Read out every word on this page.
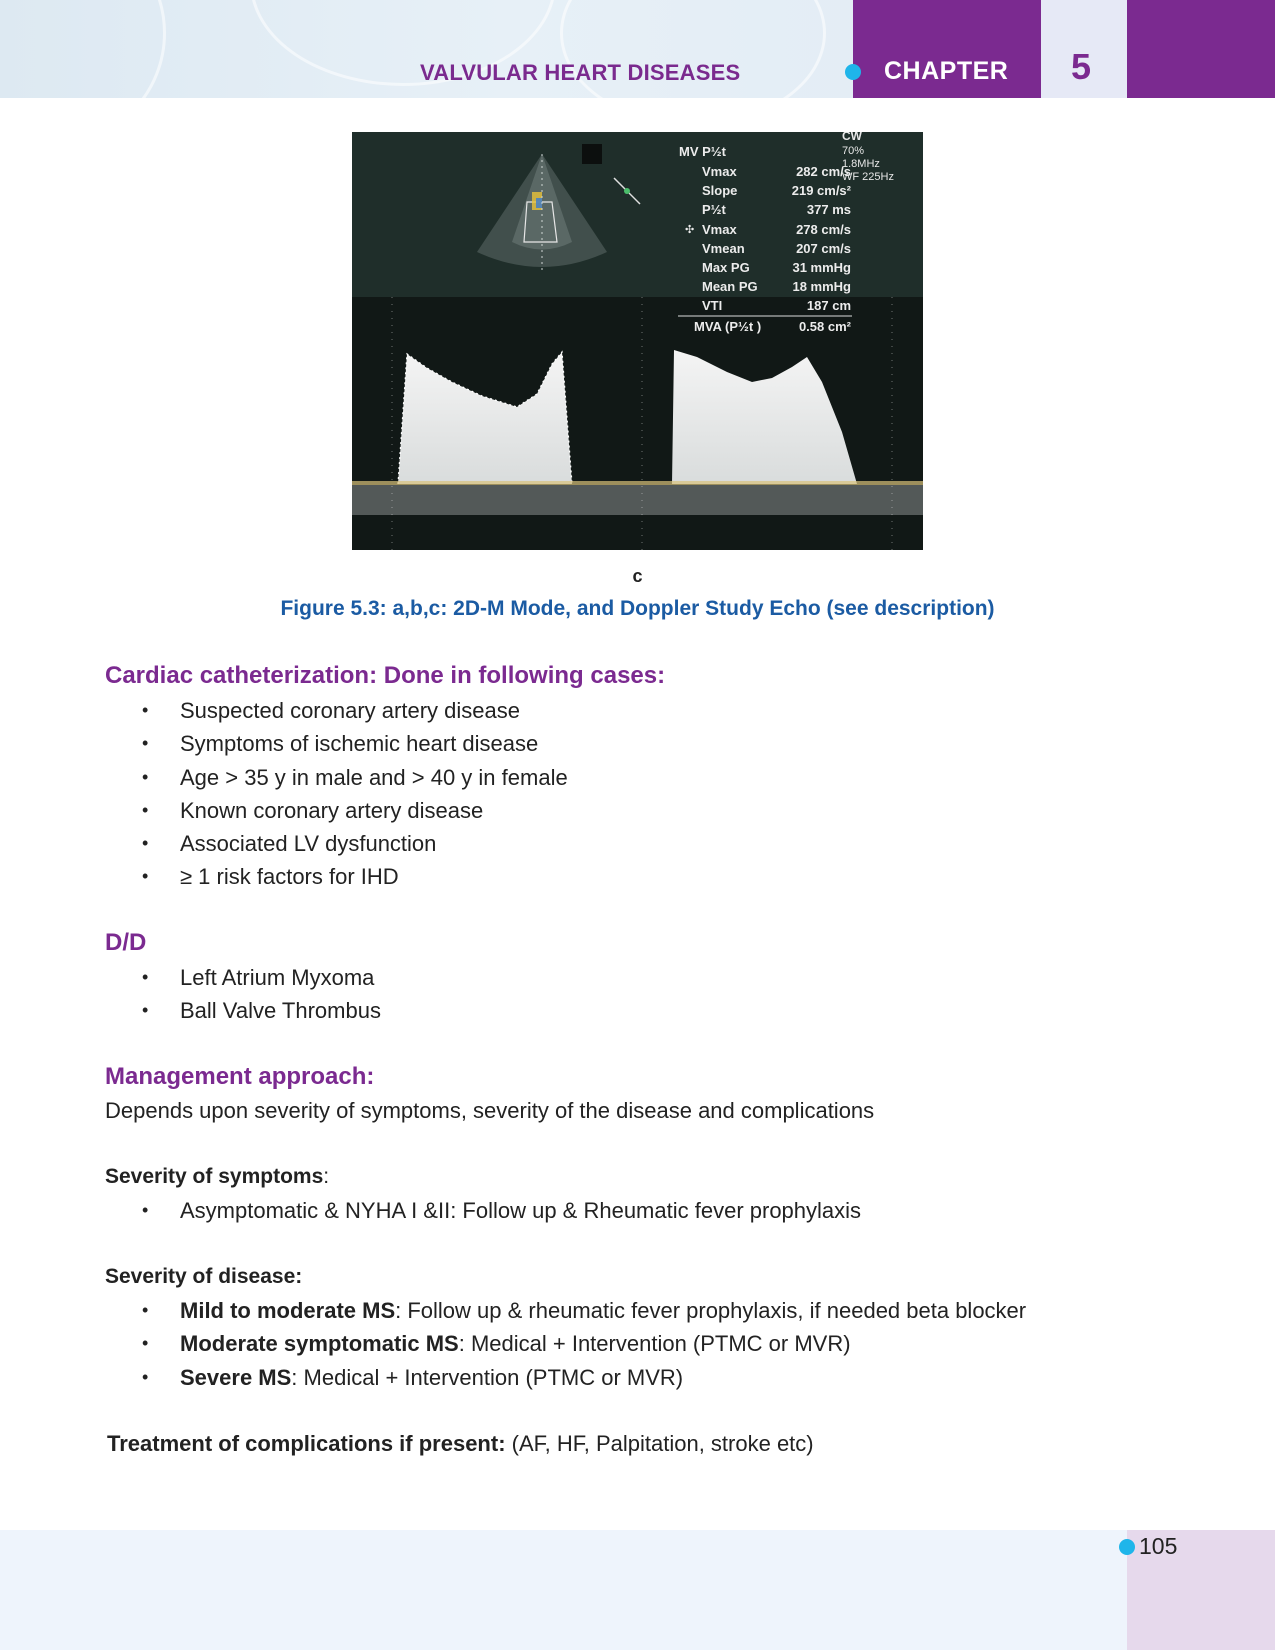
VALVULAR HEART DISEASES	CHAPTER 5
CW
70%
1.8MHz
WF 225Hz
MV P½t
Vmax	282 cm/s
Slope	219 cm/s²
P½t	377 ms
Vmax	278 cm/s
Vmean	207 cm/s
Max PG	31 mmHg
Mean PG	18 mmHg
VTI	187 cm
MVA (P½t )	0.58 cm²
✣
c
Figure 5.3: a,b,c: 2D-M Mode, and Doppler Study Echo (see description)
Cardiac catheterization: Done in following cases:
• Suspected coronary artery disease
• Symptoms of ischemic heart disease
• Age > 35 y in male and > 40 y in female
• Known coronary artery disease
• Associated LV dysfunction
• ≥ 1 risk factors for IHD
D/D
• Left Atrium Myxoma
• Ball Valve Thrombus
Management approach:
Depends upon severity of symptoms, severity of the disease and complications
Severity of symptoms:
• Asymptomatic & NYHA I &II: Follow up & Rheumatic fever prophylaxis
Severity of disease:
• Mild to moderate MS: Follow up & rheumatic fever prophylaxis, if needed beta blocker
• Moderate symptomatic MS: Medical + Intervention (PTMC or MVR)
• Severe MS: Medical + Intervention (PTMC or MVR)
Treatment of complications if present: (AF, HF, Palpitation, stroke etc)
105
